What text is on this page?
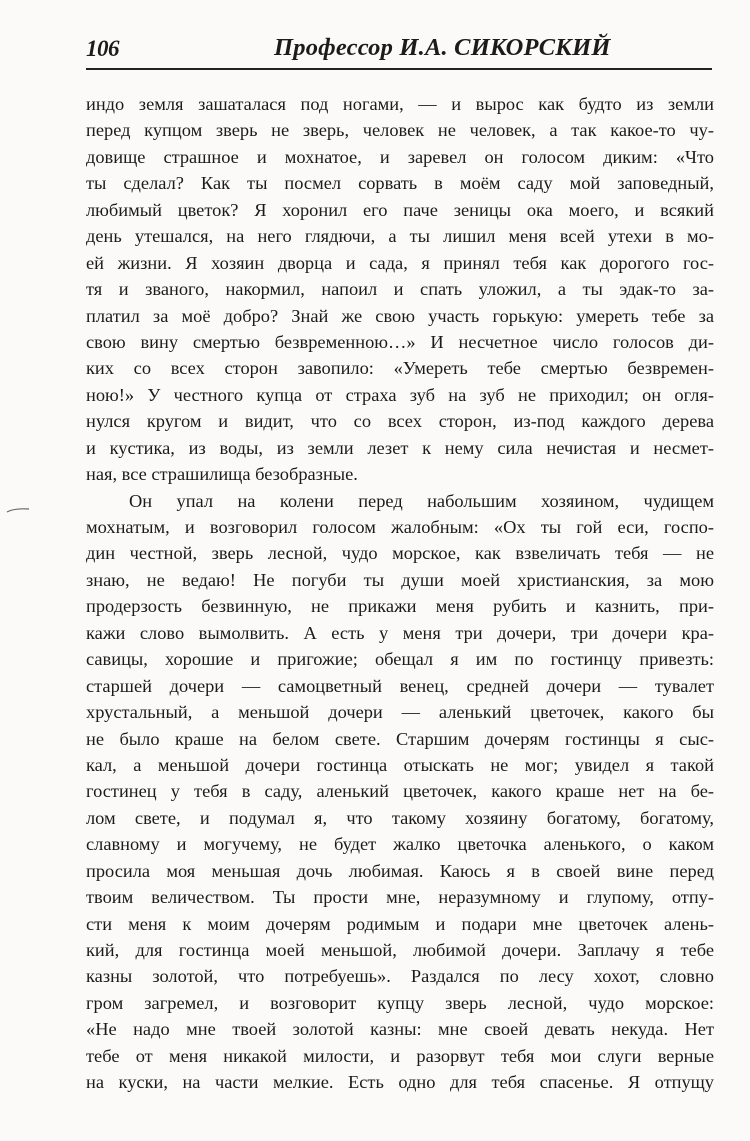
106	Профессор И.А. СИКОРСКИЙ
индо земля зашаталася под ногами, — и вырос как будто из земли
перед купцом зверь не зверь, человек не человек, а так какое-то чу-
довище страшное и мохнатое, и заревел он голосом диким: «Что
ты сделал? Как ты посмел сорвать в моём саду мой заповедный,
любимый цветок? Я хоронил его паче зеницы ока моего, и всякий
день утешался, на него глядючи, а ты лишил меня всей утехи в мо-
ей жизни. Я хозяин дворца и сада, я принял тебя как дорогого гос-
тя и званого, накормил, напоил и спать уложил, а ты эдак-то за-
платил за моё добро? Знай же свою участь горькую: умереть тебе за
свою вину смертью безвременною…» И несчетное число голосов ди-
ких со всех сторон завопило: «Умереть тебе смертью безвремен-
ною!» У честного купца от страха зуб на зуб не приходил; он огля-
нулся кругом и видит, что со всех сторон, из-под каждого дерева
и кустика, из воды, из земли лезет к нему сила нечистая и несмет-
ная, все страшилища безобразные.
Он упал на колени перед набольшим хозяином, чудищем
мохнатым, и возговорил голосом жалобным: «Ох ты гой еси, госпо-
дин честной, зверь лесной, чудо морское, как взвеличать тебя — не
знаю, не ведаю! Не погуби ты души моей христианския, за мою
продерзость безвинную, не прикажи меня рубить и казнить, при-
кажи слово вымолвить. А есть у меня три дочери, три дочери кра-
савицы, хорошие и пригожие; обещал я им по гостинцу привезть:
старшей дочери — самоцветный венец, средней дочери — тувалет
хрустальный, а меньшой дочери — аленький цветочек, какого бы
не было краше на белом свете. Старшим дочерям гостинцы я сыс-
кал, а меньшой дочери гостинца отыскать не мог; увидел я такой
гостинец у тебя в саду, аленький цветочек, какого краше нет на бе-
лом свете, и подумал я, что такому хозяину богатому, богатому,
славному и могучему, не будет жалко цветочка аленького, о каком
просила моя меньшая дочь любимая. Каюсь я в своей вине перед
твоим величеством. Ты прости мне, неразумному и глупому, отпу-
сти меня к моим дочерям родимым и подари мне цветочек алень-
кий, для гостинца моей меньшой, любимой дочери. Заплачу я тебе
казны золотой, что потребуешь». Раздался по лесу хохот, словно
гром загремел, и возговорит купцу зверь лесной, чудо морское:
«Не надо мне твоей золотой казны: мне своей девать некуда. Нет
тебе от меня никакой милости, и разорвут тебя мои слуги верные
на куски, на части мелкие. Есть одно для тебя спасенье. Я отпущу
